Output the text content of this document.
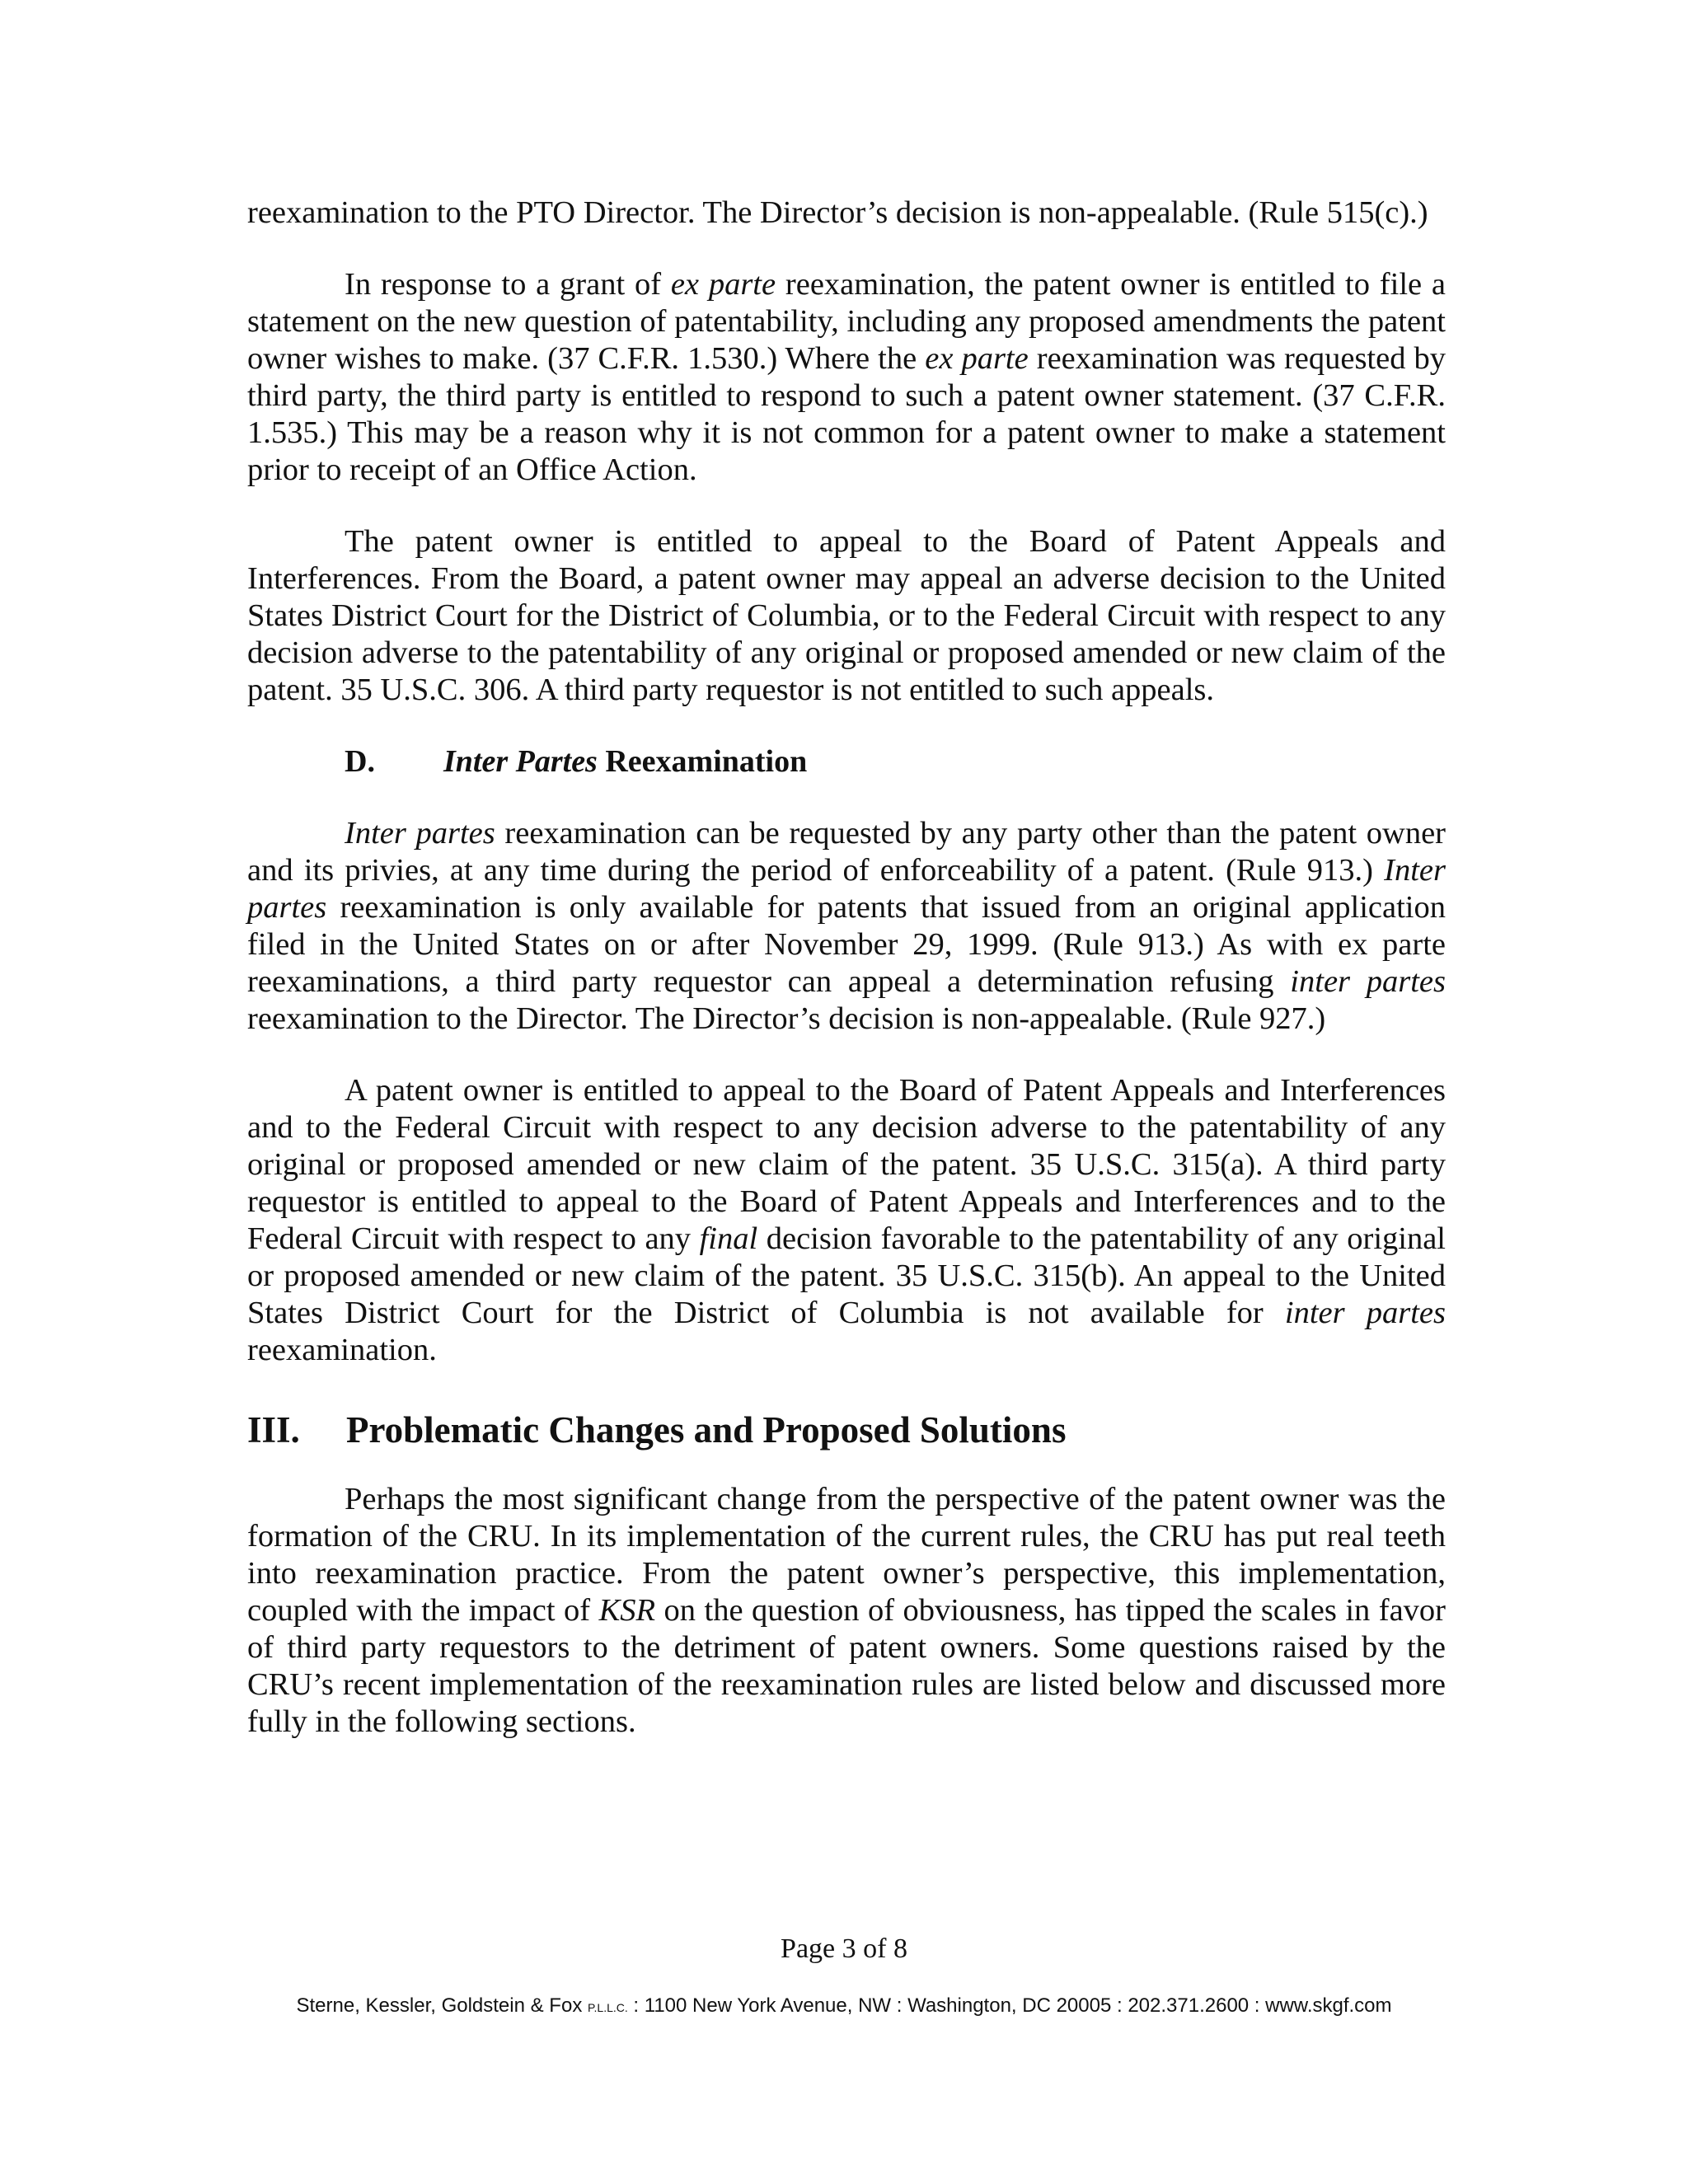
reexamination to the PTO Director. The Director’s decision is non-appealable. (Rule 515(c).)

In response to a grant of ex parte reexamination, the patent owner is entitled to file a statement on the new question of patentability, including any proposed amendments the patent owner wishes to make. (37 C.F.R. 1.530.) Where the ex parte reexamination was requested by third party, the third party is entitled to respond to such a patent owner statement. (37 C.F.R. 1.535.) This may be a reason why it is not common for a patent owner to make a statement prior to receipt of an Office Action.

The patent owner is entitled to appeal to the Board of Patent Appeals and Interferences. From the Board, a patent owner may appeal an adverse decision to the United States District Court for the District of Columbia, or to the Federal Circuit with respect to any decision adverse to the patentability of any original or proposed amended or new claim of the patent. 35 U.S.C. 306. A third party requestor is not entitled to such appeals.

D. Inter Partes Reexamination

Inter partes reexamination can be requested by any party other than the patent owner and its privies, at any time during the period of enforceability of a patent. (Rule 913.) Inter partes reexamination is only available for patents that issued from an original application filed in the United States on or after November 29, 1999. (Rule 913.) As with ex parte reexaminations, a third party requestor can appeal a determination refusing inter partes reexamination to the Director. The Director’s decision is non-appealable. (Rule 927.)

A patent owner is entitled to appeal to the Board of Patent Appeals and Interferences and to the Federal Circuit with respect to any decision adverse to the patentability of any original or proposed amended or new claim of the patent. 35 U.S.C. 315(a). A third party requestor is entitled to appeal to the Board of Patent Appeals and Interferences and to the Federal Circuit with respect to any final decision favorable to the patentability of any original or proposed amended or new claim of the patent. 35 U.S.C. 315(b). An appeal to the United States District Court for the District of Columbia is not available for inter partes reexamination.

III. Problematic Changes and Proposed Solutions

Perhaps the most significant change from the perspective of the patent owner was the formation of the CRU. In its implementation of the current rules, the CRU has put real teeth into reexamination practice. From the patent owner’s perspective, this implementation, coupled with the impact of KSR on the question of obviousness, has tipped the scales in favor of third party requestors to the detriment of patent owners. Some questions raised by the CRU’s recent implementation of the reexamination rules are listed below and discussed more fully in the following sections.

Page 3 of 8
Sterne, Kessler, Goldstein & Fox P.L.L.C. : 1100 New York Avenue, NW : Washington, DC 20005 : 202.371.2600 : www.skgf.com
